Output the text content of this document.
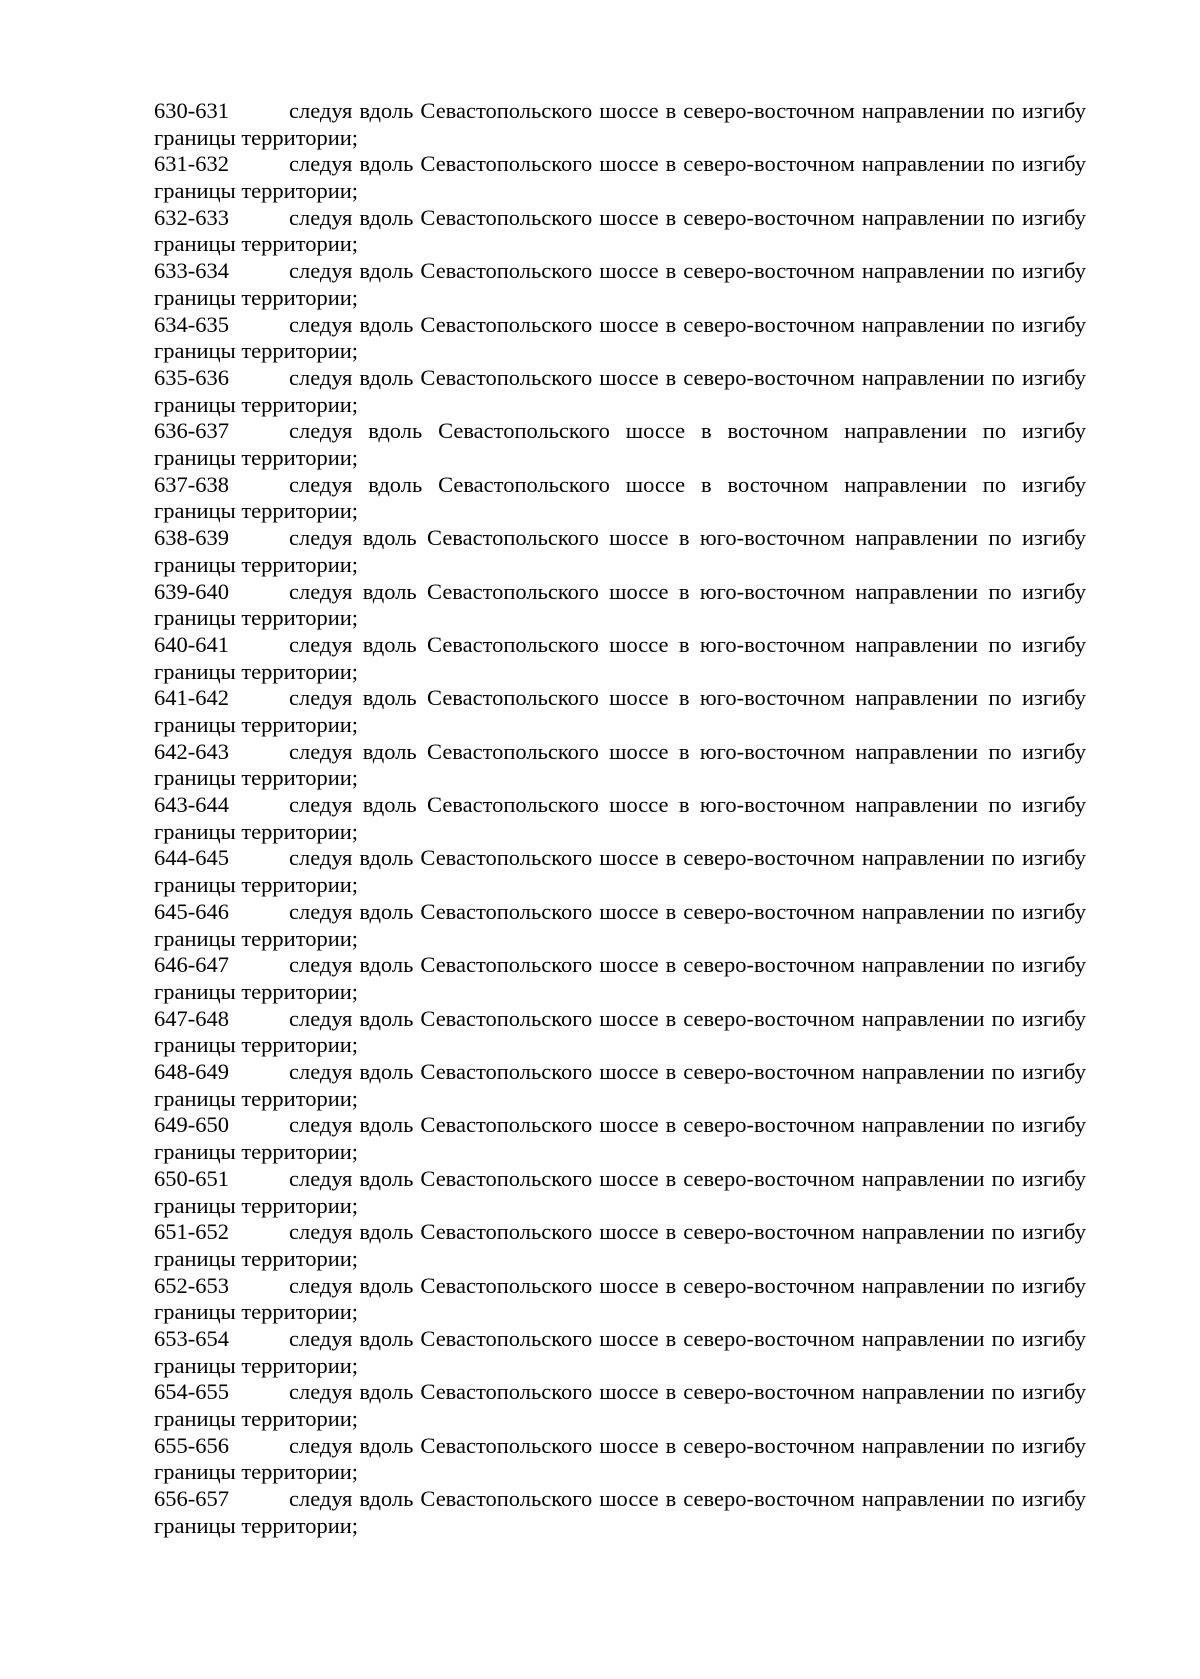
630-631	следуя вдоль Севастопольского шоссе в северо-восточном направлении по изгибу границы территории;
631-632	следуя вдоль Севастопольского шоссе в северо-восточном направлении по изгибу границы территории;
632-633	следуя вдоль Севастопольского шоссе в северо-восточном направлении по изгибу границы территории;
633-634	следуя вдоль Севастопольского шоссе в северо-восточном направлении по изгибу границы территории;
634-635	следуя вдоль Севастопольского шоссе в северо-восточном направлении по изгибу границы территории;
635-636	следуя вдоль Севастопольского шоссе в северо-восточном направлении по изгибу границы территории;
636-637	следуя вдоль Севастопольского шоссе в восточном направлении по изгибу границы территории;
637-638	следуя вдоль Севастопольского шоссе в восточном направлении по изгибу границы территории;
638-639	следуя вдоль Севастопольского шоссе в юго-восточном направлении по изгибу границы территории;
639-640	следуя вдоль Севастопольского шоссе в юго-восточном направлении по изгибу границы территории;
640-641	следуя вдоль Севастопольского шоссе в юго-восточном направлении по изгибу границы территории;
641-642	следуя вдоль Севастопольского шоссе в юго-восточном направлении по изгибу границы территории;
642-643	следуя вдоль Севастопольского шоссе в юго-восточном направлении по изгибу границы территории;
643-644	следуя вдоль Севастопольского шоссе в юго-восточном направлении по изгибу границы территории;
644-645	следуя вдоль Севастопольского шоссе в северо-восточном направлении по изгибу границы территории;
645-646	следуя вдоль Севастопольского шоссе в северо-восточном направлении по изгибу границы территории;
646-647	следуя вдоль Севастопольского шоссе в северо-восточном направлении по изгибу границы территории;
647-648	следуя вдоль Севастопольского шоссе в северо-восточном направлении по изгибу границы территории;
648-649	следуя вдоль Севастопольского шоссе в северо-восточном направлении по изгибу границы территории;
649-650	следуя вдоль Севастопольского шоссе в северо-восточном направлении по изгибу границы территории;
650-651	следуя вдоль Севастопольского шоссе в северо-восточном направлении по изгибу границы территории;
651-652	следуя вдоль Севастопольского шоссе в северо-восточном направлении по изгибу границы территории;
652-653	следуя вдоль Севастопольского шоссе в северо-восточном направлении по изгибу границы территории;
653-654	следуя вдоль Севастопольского шоссе в северо-восточном направлении по изгибу границы территории;
654-655	следуя вдоль Севастопольского шоссе в северо-восточном направлении по изгибу границы территории;
655-656	следуя вдоль Севастопольского шоссе в северо-восточном направлении по изгибу границы территории;
656-657	следуя вдоль Севастопольского шоссе в северо-восточном направлении по изгибу границы территории;
